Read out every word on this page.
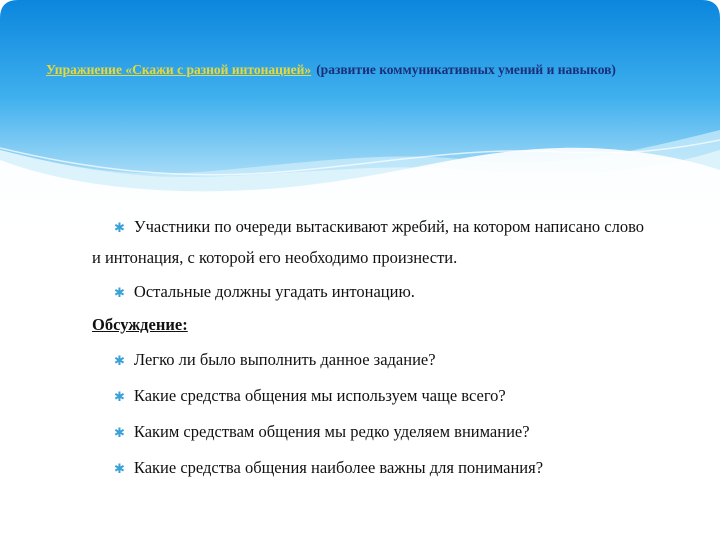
Упражнение «Скажи с разной интонацией» (развитие коммуникативных умений и навыков)

✱ Участники по очереди вытаскивают жребий, на котором написано слово и интонация, с которой его необходимо произнести.

✱ Остальные должны угадать интонацию.

Обсуждение:
✱ Легко ли было выполнить данное задание?
✱ Какие средства общения мы используем чаще всего?
✱ Каким средствам общения мы редко уделяем внимание?
✱ Какие средства общения наиболее важны для понимания?
